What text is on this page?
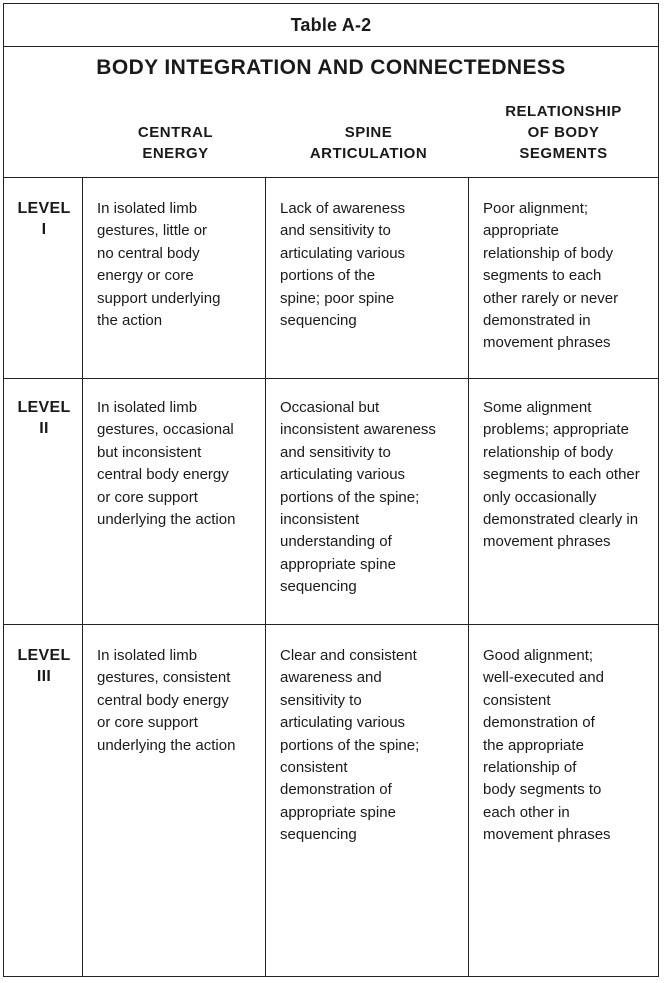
Table A-2
BODY INTEGRATION AND CONNECTEDNESS
CENTRAL
ENERGY
SPINE
ARTICULATION
RELATIONSHIP
OF BODY
SEGMENTS
LEVEL
I
In isolated limb
gestures, little or
no central body
energy or core
support underlying
the action
Lack of awareness
and sensitivity to
articulating various
portions of the
spine; poor spine
sequencing
Poor alignment;
appropriate
relationship of body
segments to each
other rarely or never
demonstrated in
movement phrases
LEVEL
II
In isolated limb
gestures, occasional
but inconsistent
central body energy
or core support
underlying the action
Occasional but
inconsistent awareness
and sensitivity to
articulating various
portions of the spine;
inconsistent
understanding of
appropriate spine
sequencing
Some alignment
problems; appropriate
relationship of body
segments to each other
only occasionally
demonstrated clearly in
movement phrases
LEVEL
III
In isolated limb
gestures, consistent
central body energy
or core support
underlying the action
Clear and consistent
awareness and
sensitivity to
articulating various
portions of the spine;
consistent
demonstration of
appropriate spine
sequencing
Good alignment;
well-executed and
consistent
demonstration of
the appropriate
relationship of
body segments to
each other in
movement phrases
